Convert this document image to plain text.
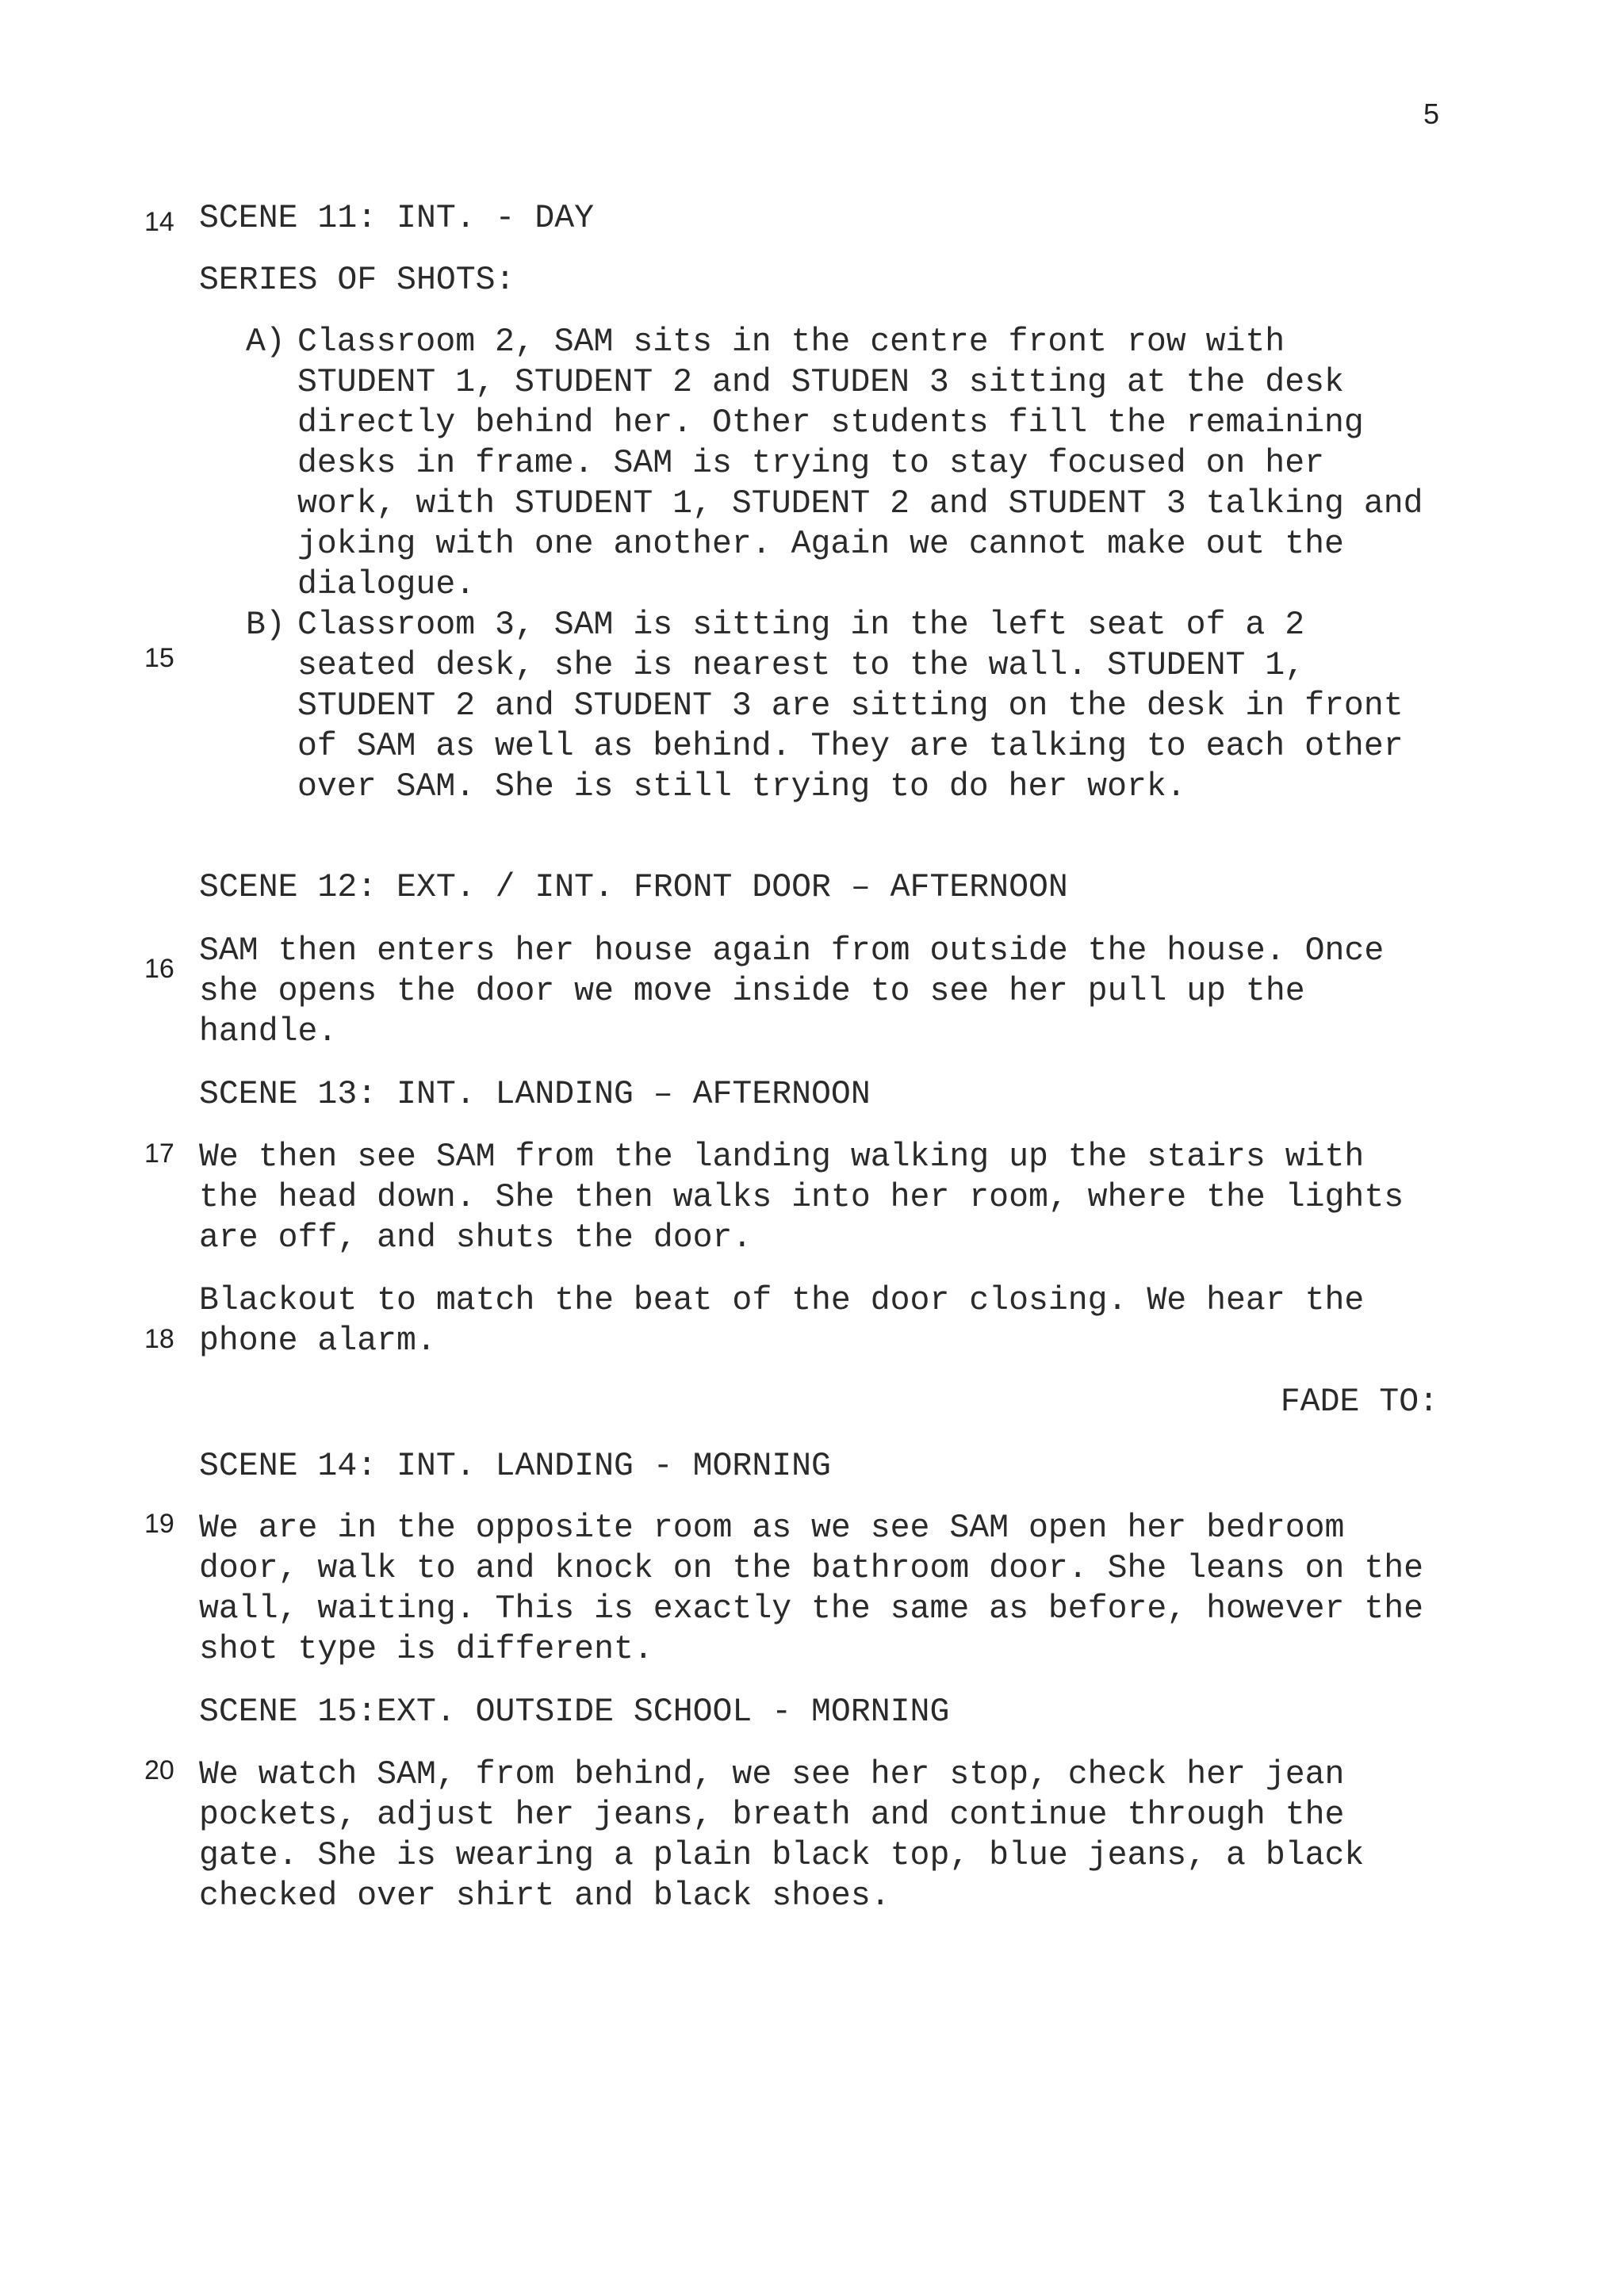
5
14 SCENE 11: INT. - DAY
SERIES OF SHOTS:
A) Classroom 2, SAM sits in the centre front row with
STUDENT 1, STUDENT 2 and STUDEN 3 sitting at the desk
directly behind her. Other students fill the remaining
desks in frame. SAM is trying to stay focused on her
work, with STUDENT 1, STUDENT 2 and STUDENT 3 talking and
joking with one another. Again we cannot make out the
dialogue.
15
B) Classroom 3, SAM is sitting in the left seat of a 2
seated desk, she is nearest to the wall. STUDENT 1,
STUDENT 2 and STUDENT 3 are sitting on the desk in front
of SAM as well as behind. They are talking to each other
over SAM. She is still trying to do her work.
SCENE 12: EXT. / INT. FRONT DOOR – AFTERNOON
16 SAM then enters her house again from outside the house. Once
she opens the door we move inside to see her pull up the
handle.
SCENE 13: INT. LANDING – AFTERNOON
17 We then see SAM from the landing walking up the stairs with
the head down. She then walks into her room, where the lights
are off, and shuts the door.
18
Blackout to match the beat of the door closing. We hear the
phone alarm.
FADE TO:
SCENE 14: INT. LANDING - MORNING
19 We are in the opposite room as we see SAM open her bedroom
door, walk to and knock on the bathroom door. She leans on the
wall, waiting. This is exactly the same as before, however the
shot type is different.
SCENE 15:EXT. OUTSIDE SCHOOL - MORNING
20 We watch SAM, from behind, we see her stop, check her jean
pockets, adjust her jeans, breath and continue through the
gate. She is wearing a plain black top, blue jeans, a black
checked over shirt and black shoes.
